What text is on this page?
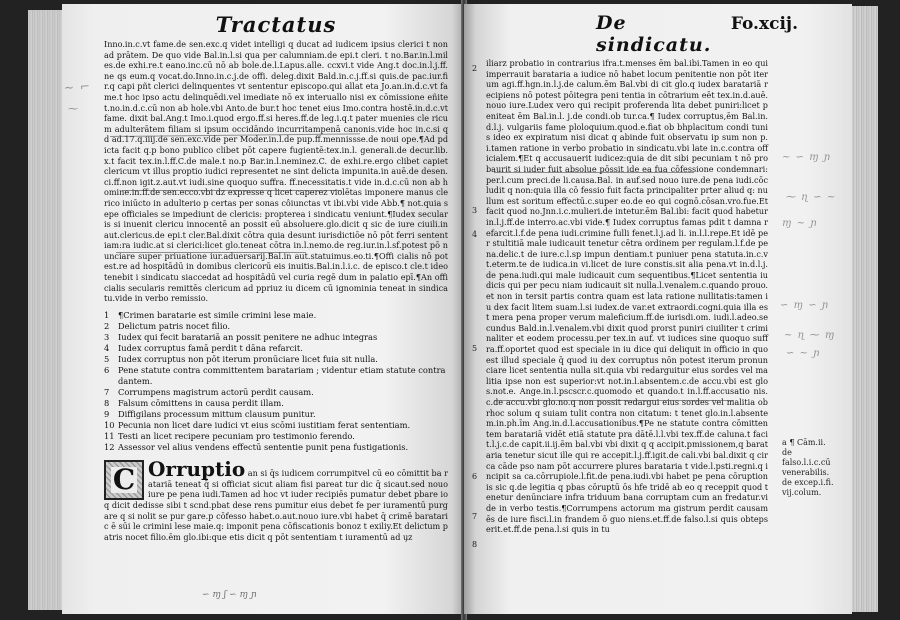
Tractatus

Inno.in.c.vt fame.de sen.exc.q videt intelligi q ducat ad iudicem ipsius clerici t non ad prātem. De quo vide Bal.in.l.si qua per calumniam.de epi.t cleri. t no.Bar.in.l.miles.de exhi.re.t eano.inc.cū nō ab bole.de.l.Lapus.alle. ccxvi.t vide Ang.t doc.in.l.j.ff.ne qs eum.q vocat.do.Inno.in.c.j.de offi. deleg.dixit Bald.in.c.j.ff.si quis.de pac.iur.fir.q capi pñt clerici delinquentes vt sententur episcopo.qui allat eta Jo.an.in.d.c.vt fame.t hoc ipso actu delinquēdi.vel imediate nō ex interuallo nisi ex cōmissione eñitet.no.in.d.c.cū non ab hole.vbi Anto.de bur.t hoc tenet eius Imo.contra hostē.in.d.c.vt fame. dixit bal.Ang.t Imo.i.quod ergo.ff.si heres.ff.de leg.i.q.t pater muenies cle ricum adulterātem filiam si ipsum occidāndo incurritampenā canonis.vide hoc in.c.si qd ad.17.q.iiij.de sen.exc.vide per Moder.in.l.de pup.ff.mennissse.de noui ope.¶Ad pdicta facit q.p bono publico clibet pōt capere fugientē:tex.in.l. generali.de decur.lib.x.t facit tex.in.l.ff.C.de male.t no.p Bar.in.l.neminez.C. de exhi.re.ergo clibet capiet clericum vt illus proptio iudici representet ne sint delicta impunita.in auē.de desen.ci.ff.non igit.z.aut.vt iudi.sine quoquo suffra. ff.necessitatis.t vide in.d.c.cū non ab homine.in.ff.de sen.ecco.vbi dz expresse q licet caperez violētas imponere manus clerico iniūcto in adulterio p certas per sonas côiunctas vt ibi.vbi vide Abb.¶ not.quia sepe officiales se impediunt de clericis: propterea i sindicatu veniunt.¶Iudex secularis si inuenit clericu innocentē an possit eū absoluere.glo.dicit q sic de iure ciuili.in aut.clericus.de epi.t cler.Bal.dixit cōtra quia desunt iurisdictiōe nō pōt ferri sententiam:ra iudic.at si clerici:licet glo.teneat cōtra in.l.nemo.de reg.iur.in.l.sf.potest pō nunciare super priuatione iur.aduersarij.Bal.in aut.statuimus.eo.ti.¶Offi cialis nō potest.re ad hospitādū in domibus clericorū eis inuitis.Bal.in.l.i.c. de episco.t cle.t ideo tenebit i sindicatu siaccedat ad hospitādū vel curia regē dum in palatio epī.¶An officialis secularis remittēs clericum ad ppriuz iu dicem cū ignominia teneat in sindicatu.vide in verbo remissio.

1	¶Crimen baratarie est simile crimini lese maie.
2	Delictum patris nocet filio.
3	Iudex qui fecit baratariā an possit penitere ne adhuc integras
4	Iudex corruptus famā perdit t dāna refarcit.
5	Iudex corruptus non pōt iterum pronūciare licet fuia sit nulla.
6	Pene statute contra committentem baratariam ; videntur etiam statute contra dantem.
7	Corrumpens magistrum actorū perdit causam.
8	Falsum cōmittens in causa perdit illam.
9	Diffigilans processum mittum clausum punitur.
10 Pecunia non licet dare iudici vt eius scōmi iustitiam ferat sententiam.
11 Testi an licet recipere pecuniam pro testimonio ferendo.
12 Assessor vel alius vendens effectū sententie punit pena fustigationis.
C Orruptio an si q̄s iudicem corrumpitvel cū eo cōmittit ba ratariā teneat q̄ si officiat sicut aliam fisi pareat tur dic q̄ sicaut.sed nouo iure pe pena iudi.Tamen ad hoc vt iuder recipiēs pumatur debet pbare io q dicit dedisse sibi t scnd.pbat dese rens pumitur eius debet fe per iuramentū purgare q si nolit se pur gare.p cōfesso habet.o.aut.nouo iure.vbi habet q̄ crimē barataric ē sūi le crimini lese maie.q: imponit pena cōfiscationis bonoz t exiliy.Et delictum patris nocet filio.ēm glo.ibi:que etis dicit q pōt sententiam t iuramentū ad u̧z
~ ⌐
⁓
∽ ɱ ʃ ∽ ɱ ɲ
De sindicatu.
Fo.xcij.

iliarz probatio in contrarius ifra.t.menses ēm bal.ibi.Tamen in eo qui imperrauit barataria a iudice nō habet locum penitentie non pōt iterum agi.ff.hgn.in.l.j.de calum.ēm Bal.vbi di cit glo.q iudex baratariā recipiens nō potest pōitegra peni tentia in cōtrarium eēt tex.in.d.auē.nouo iure.Ludex vero qui recipit proferenda lita debet puniri:licet peniteat ēm Bal.in.l. j.de condi.ob tur.ca.¶ Iudex corruptus,ēm Bal.in.d.l.j. vulgariis fame ploloquium.quod.e.fiat ob bhplacitum condi tunis ideo ex expiratum nisi dicat q abinde fuit observatu ip sum non p.i.tamen ratione in verbo probatio in sindicatu.vbi late in.c.contra officialem.¶Et q accusauerit iudicez:quia de dit sibi pecuniam t nō probaurit si iuder fuit absolue pōssit ide ea fua cōfessione condemnari:per.l.cum preci.de li.causa.Bal. in auf.sed nouo iure.de pena iudi.cōcludit q non:quia illa cō fessio fuit facta principaliter prter aliud q: nullum est soritum effectū.c.super eo.de eo qui cognō.cōsan.vro.fue.Et facit quod no.Jnn.i.c.mulieri.de intetur.ēm Bal.ibi: facit quod habetur in.l.j.ff.de interro.ac.vbi vide.¶ Iudex corruptus famas pdit t damna refarcit.l.f.de pena iudi.crimine fulli fenet.l.j.ad li. in.l.l.repe.Et idē per stultitiā male iudicauit tenetur cētra ordinem per regulam.l.f.de pena.delic.t de iure.c.l.sp impun dentiam.t puniuer pena statuta.in.c.vt.eterm.te de iudica.in vi.licet de iure constis.sit alia pena.vt in.d.l.j.de pena.iudi.qui male iudicauit cum sequentibus.¶Licet sententia iudicis qui per pecu niam iudicauit sit nulla.l.venalem.c.quando prouo.et non in tersit partis contra quam est lata ratione nullitatis:tamen iu dex facit litem suam.l.si iudex.de var.et extraordi.cogni.quia illa est mera pena proper verum maleficium.ff.de iurisdi.om. iudi.l.adeo.secundus Bald.in.l.venalem.vbi dixit quod prorst puniri ciuiliter t criminaliter et eodem processu.per tex.in auf. vt iudices sine quoquo suffra.ff.oportet quod est speciale in iu dice qui deliquit in officio in quo est illud speciale q̄ quod iu dex corruptus nōn potest iterum pronunciare licet sententia nulla sit.quia vbi redarguitur eius sordes vel malitia ipse non est superior:vt not.in.l.absentem.c.de accu.vbi est glos.not.e. Ange.in.l.pscscr.c.quomodo et quando.t in.l.ff.accusatio nis.c.de accu.vbi glo.no.q non possit redargui eius sordes vel malitia obrhoc solum q suiam tulit contra non citatum: t tenet glo.in.l.absentem.in.ph.īm Ang.in.d.l.accusationibus.¶Pe ne statute contra cōmittentem baratariā vidēt etiā statute pra dātē.l.l.vbi tex.ff.de caluna.t facit.l.j.c.de capit.ii.ij.ēm bal.vbi vbi dixit q q accipit.pmissionem,q barataria tenetur sicut ille qui re accepit.l.j.ff.igit.de cali.vbi bal.dixit q circa cāde pso nam pōt accurrere plures barataria t vide.l.psti.regni.q incipit sa ca.cōrrupiole.l.fit.de pena.iudi.vbi habet pe pena cōruptionis sic q.de legitia q pbas cōruptū ōs hfe tridē ab eo q receppit quod tenetur denūnciare infra triduum bana corruptam cum an fredatur.vide in verbo testis.¶Corrumpens actorum ma gistrum perdit causam ēs de iure fisci.l.in frandem ō guo niens.et.ff.de falso.l.si quis obtepserit.et.ff.de pena.l.si quis in tu

2
3
4
5
6
7
8
a ¶ Cām.ii. de falso.l.i.c.cū venerabilis. de excep.i.fi. vij.colum.
~ ∽ ɱ ɲ
⁓ ɳ ∽ ~
ɱ ~ ɲ
∽ ɱ ∽ ɲ
~ ɳ ⁓ ɱ
∽ ~ ɲ
